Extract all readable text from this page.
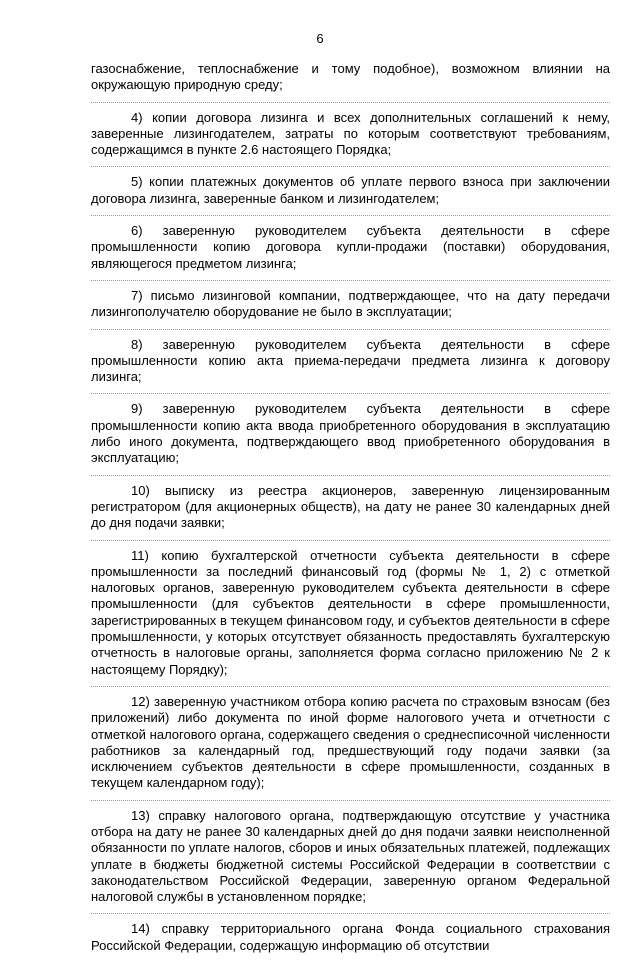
6

газоснабжение, теплоснабжение и тому подобное), возможном влиянии на окружающую природную среду;

4) копии договора лизинга и всех дополнительных соглашений к нему, заверенные лизингодателем, затраты по которым соответствуют требованиям, содержащимся в пункте 2.6 настоящего Порядка;

5) копии платежных документов об уплате первого взноса при заключении договора лизинга, заверенные банком и лизингодателем;

6) заверенную руководителем субъекта деятельности в сфере промышленности копию договора купли-продажи (поставки) оборудования, являющегося предметом лизинга;

7) письмо лизинговой компании, подтверждающее, что на дату передачи лизингополучателю оборудование не было в эксплуатации;

8) заверенную руководителем субъекта деятельности в сфере промышленности копию акта приема-передачи предмета лизинга к договору лизинга;

9) заверенную руководителем субъекта деятельности в сфере промышленности копию акта ввода приобретенного оборудования в эксплуатацию либо иного документа, подтверждающего ввод приобретенного оборудования в эксплуатацию;

10) выписку из реестра акционеров, заверенную лицензированным регистратором (для акционерных обществ), на дату не ранее 30 календарных дней до дня подачи заявки;

11) копию бухгалтерской отчетности субъекта деятельности в сфере промышленности за последний финансовый год (формы № 1, 2) с отметкой налоговых органов, заверенную руководителем субъекта деятельности в сфере промышленности (для субъектов деятельности в сфере промышленности, зарегистрированных в текущем финансовом году, и субъектов деятельности в сфере промышленности, у которых отсутствует обязанность предоставлять бухгалтерскую отчетность в налоговые органы, заполняется форма согласно приложению № 2 к настоящему Порядку);

12) заверенную участником отбора копию расчета по страховым взносам (без приложений) либо документа по иной форме налогового учета и отчетности с отметкой налогового органа, содержащего сведения о среднесписочной численности работников за календарный год, предшествующий году подачи заявки (за исключением субъектов деятельности в сфере промышленности, созданных в текущем календарном году);

13) справку налогового органа, подтверждающую отсутствие у участника отбора на дату не ранее 30 календарных дней до дня подачи заявки неисполненной обязанности по уплате налогов, сборов и иных обязательных платежей, подлежащих уплате в бюджеты бюджетной системы Российской Федерации в соответствии с законодательством Российской Федерации, заверенную органом Федеральной налоговой службы в установленном порядке;

14) справку территориального органа Фонда социального страхования Российской Федерации, содержащую информацию об отсутствии
